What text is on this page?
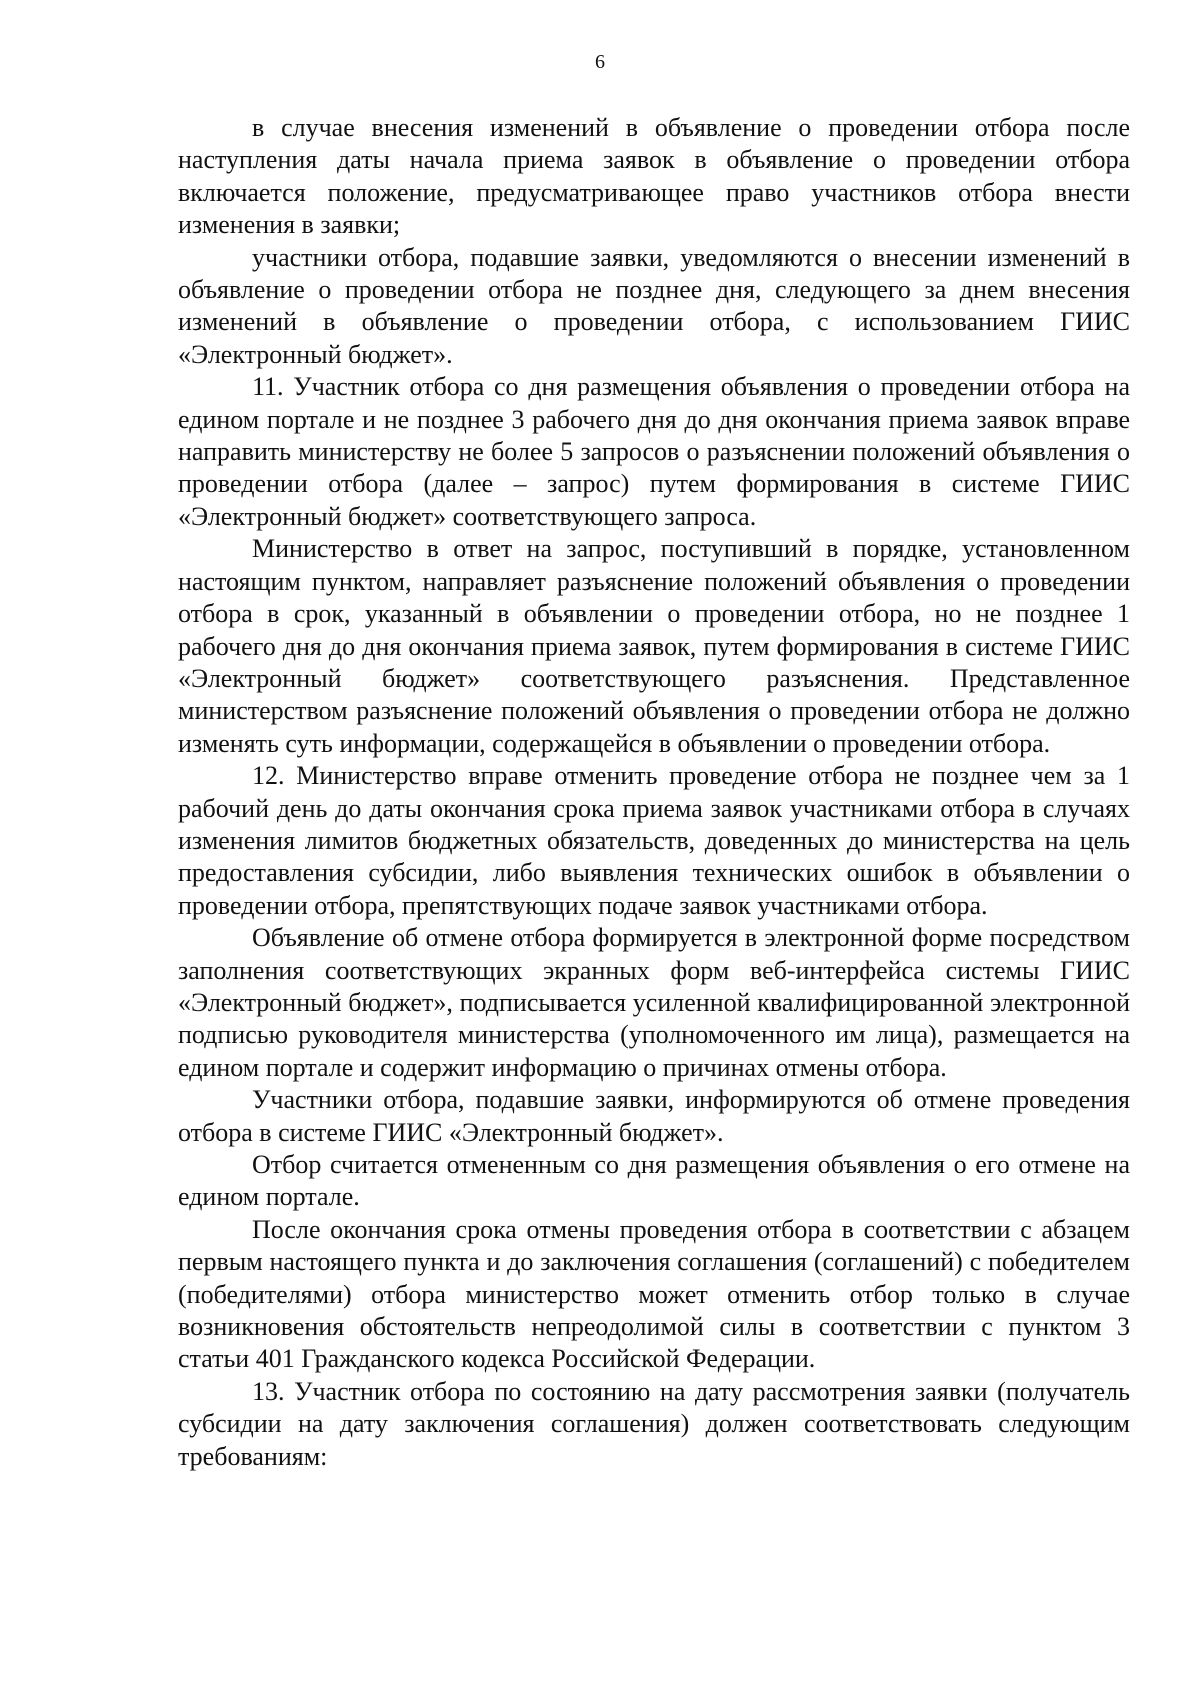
6

в случае внесения изменений в объявление о проведении отбора после наступления даты начала приема заявок в объявление о проведении отбора включается положение, предусматривающее право участников отбора внести изменения в заявки;

участники отбора, подавшие заявки, уведомляются о внесении изменений в объявление о проведении отбора не позднее дня, следующего за днем внесения изменений в объявление о проведении отбора, с использованием ГИИС «Электронный бюджет».

11. Участник отбора со дня размещения объявления о проведении отбора на едином портале и не позднее 3 рабочего дня до дня окончания приема заявок вправе направить министерству не более 5 запросов о разъяснении положений объявления о проведении отбора (далее – запрос) путем формирования в системе ГИИС «Электронный бюджет» соответствующего запроса.

Министерство в ответ на запрос, поступивший в порядке, установленном настоящим пунктом, направляет разъяснение положений объявления о проведении отбора в срок, указанный в объявлении о проведении отбора, но не позднее 1 рабочего дня до дня окончания приема заявок, путем формирования в системе ГИИС «Электронный бюджет» соответствующего разъяснения. Представленное министерством разъяснение положений объявления о проведении отбора не должно изменять суть информации, содержащейся в объявлении о проведении отбора.

12. Министерство вправе отменить проведение отбора не позднее чем за 1 рабочий день до даты окончания срока приема заявок участниками отбора в случаях изменения лимитов бюджетных обязательств, доведенных до министерства на цель предоставления субсидии, либо выявления технических ошибок в объявлении о проведении отбора, препятствующих подаче заявок участниками отбора.

Объявление об отмене отбора формируется в электронной форме посредством заполнения соответствующих экранных форм веб-интерфейса системы ГИИС «Электронный бюджет», подписывается усиленной квалифицированной электронной подписью руководителя министерства (уполномоченного им лица), размещается на едином портале и содержит информацию о причинах отмены отбора.

Участники отбора, подавшие заявки, информируются об отмене проведения отбора в системе ГИИС «Электронный бюджет».

Отбор считается отмененным со дня размещения объявления о его отмене на едином портале.

После окончания срока отмены проведения отбора в соответствии с абзацем первым настоящего пункта и до заключения соглашения (соглашений) с победителем (победителями) отбора министерство может отменить отбор только в случае возникновения обстоятельств непреодолимой силы в соответствии с пунктом 3 статьи 401 Гражданского кодекса Российской Федерации.

13. Участник отбора по состоянию на дату рассмотрения заявки (получатель субсидии на дату заключения соглашения) должен соответствовать следующим требованиям:
